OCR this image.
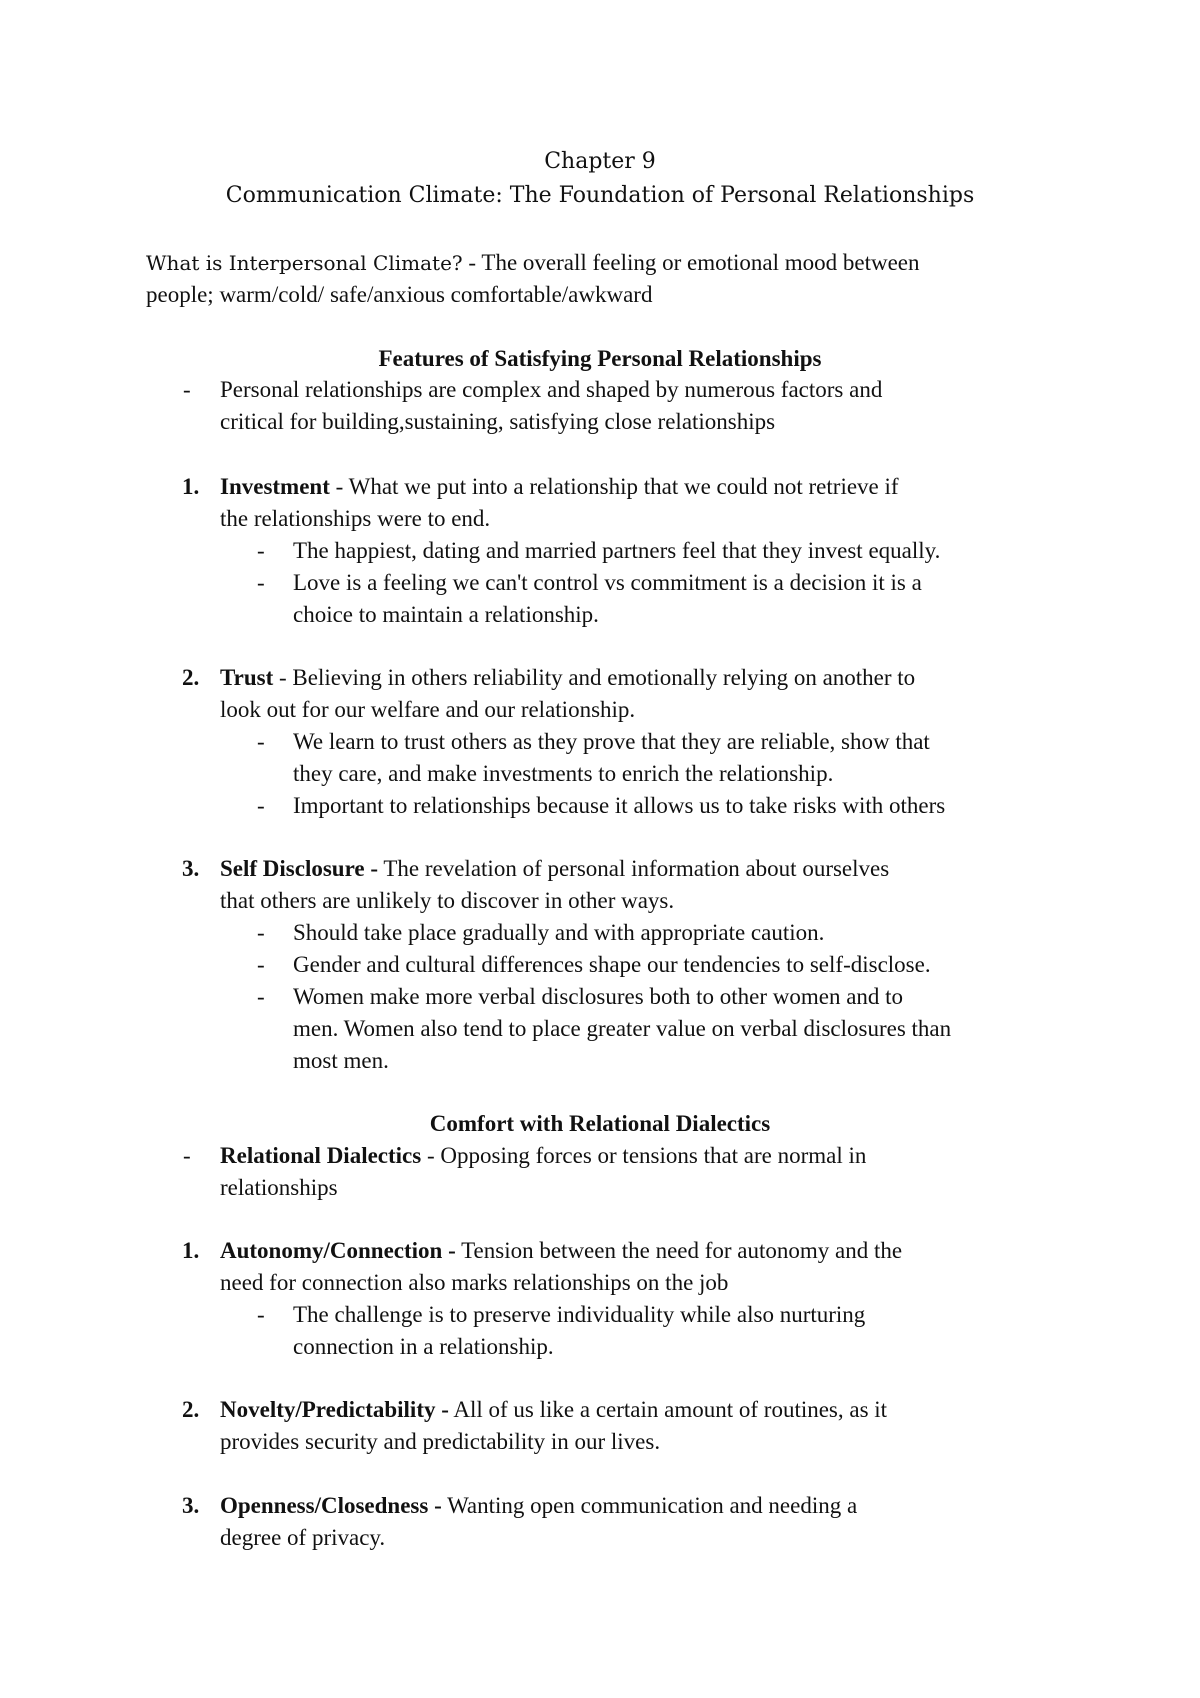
Chapter 9
Communication Climate: The Foundation of Personal Relationships
What is Interpersonal Climate? - The overall feeling or emotional mood between
people; warm/cold/ safe/anxious comfortable/awkward
Features of Satisfying Personal Relationships
- Personal relationships are complex and shaped by numerous factors and
critical for building,sustaining, satisfying close relationships
1. Investment - What we put into a relationship that we could not retrieve if
the relationships were to end.
- The happiest, dating and married partners feel that they invest equally.
- Love is a feeling we can't control vs commitment is a decision it is a
choice to maintain a relationship.
2. Trust - Believing in others reliability and emotionally relying on another to
look out for our welfare and our relationship.
- We learn to trust others as they prove that they are reliable, show that
they care, and make investments to enrich the relationship.
- Important to relationships because it allows us to take risks with others
3. Self Disclosure - The revelation of personal information about ourselves
that others are unlikely to discover in other ways.
- Should take place gradually and with appropriate caution.
- Gender and cultural differences shape our tendencies to self-disclose.
- Women make more verbal disclosures both to other women and to
men. Women also tend to place greater value on verbal disclosures than
most men.
Comfort with Relational Dialectics
- Relational Dialectics - Opposing forces or tensions that are normal in
relationships
1. Autonomy/Connection - Tension between the need for autonomy and the
need for connection also marks relationships on the job
- The challenge is to preserve individuality while also nurturing
connection in a relationship.
2. Novelty/Predictability - All of us like a certain amount of routines, as it
provides security and predictability in our lives.
3. Openness/Closedness - Wanting open communication and needing a
degree of privacy.
